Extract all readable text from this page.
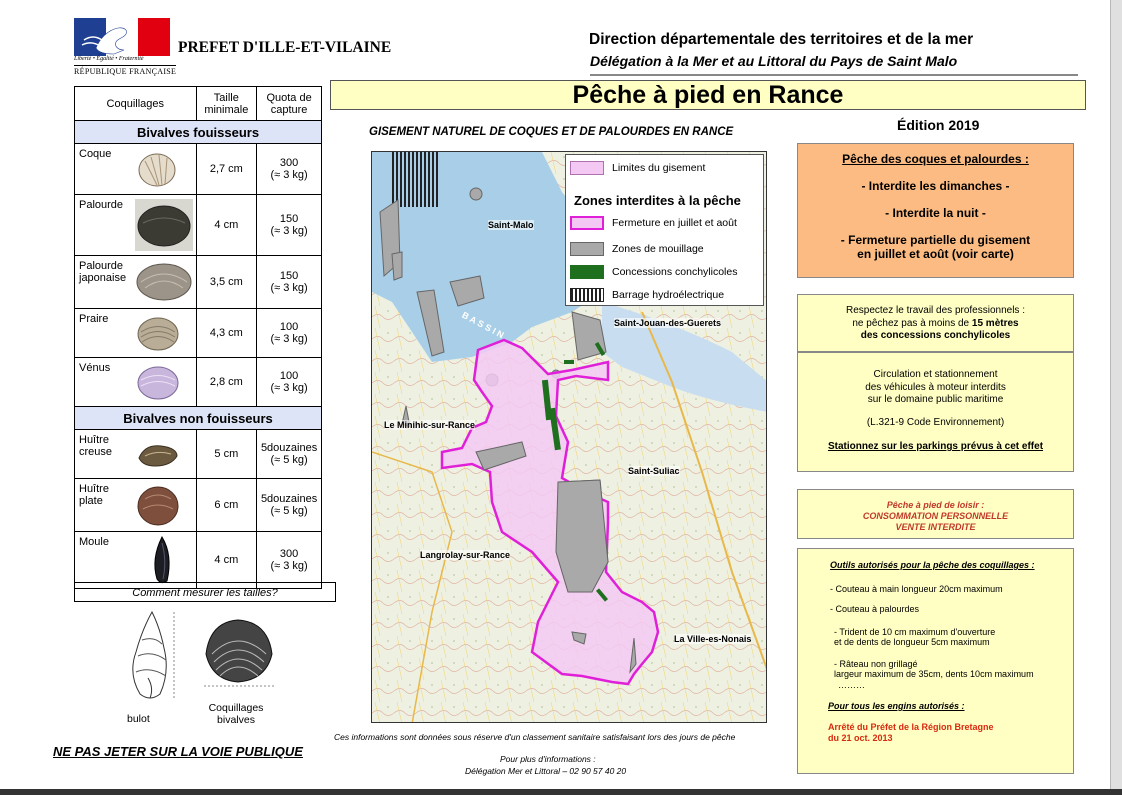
Liberté • Égalité • Fraternité
RÉPUBLIQUE FRANÇAISE
PREFET D'ILLE-ET-VILAINE	Direction départementale des territoires et de la mer
Délégation à la Mer et au Littoral du Pays de Saint Malo
Coquillages	Taille minimale	Quota de capture
Bivalves fouisseurs		

Coque	2,7 cm	300
(≈ 3 kg)

Palourde	4 cm	150
(≈ 3 kg)

Palourde japonaise	3,5 cm	150
(≈ 3 kg)

Praire	4,3 cm	100
(≈ 3 kg)

Vénus	2,8 cm	100
(≈ 3 kg)
Bivalves non fouisseurs		

Huître creuse	5 cm	5douzaines
(≈ 5 kg)

Huître plate	6 cm	5douzaines
(≈ 5 kg)

Moule	4 cm	300
(≈ 3 kg)
Comment mesurer les tailles?
bulot
Coquillages bivalves
NE PAS JETER SUR LA VOIE PUBLIQUE
Pêche à pied en Rance
GISEMENT NATUREL DE COQUES ET DE PALOURDES EN RANCE	Édition 2019
Saint-Malo
Saint-Jouan-des-Guerets
Le Minihic-sur-Rance
Saint-Suliac
Langrolay-sur-Rance
La Ville-es-Nonais
B A S S I N
Limites du gisement
Zones interdites à la pêche
Fermeture en juillet et août
Zones de mouillage
Concessions conchylicoles
Barrage hydroélectrique
Ces informations sont données sous réserve d'un classement sanitaire satisfaisant lors des jours de pêche
Pour plus d'informations :
Délégation Mer et Littoral – 02 90 57 40 20
Pêche des coques et palourdes :
- Interdite les dimanches -
- Interdite la nuit -
- Fermeture partielle du gisement
en juillet et août (voir carte)
Respectez le travail des professionnels :
ne pêchez pas à moins de 15 mètres
des concessions conchylicoles
Circulation et stationnement
des véhicules à moteur interdits
sur le domaine public maritime
(L.321-9 Code Environnement)
Stationnez sur les parkings prévus à cet effet
Pêche à pied de loisir :
CONSOMMATION PERSONNELLE
VENTE INTERDITE
Outils autorisés pour la pêche des coquillages :
- Couteau à main longueur 20cm maximum
- Couteau à palourdes
- Trident de 10 cm maximum d'ouverture
et de dents de longueur 5cm maximum
- Râteau non grillagé
largeur maximum de 35cm, dents 10cm maximum
………
Pour tous les engins autorisés :
Arrêté du Préfet de la Région Bretagne
du 21 oct. 2013
